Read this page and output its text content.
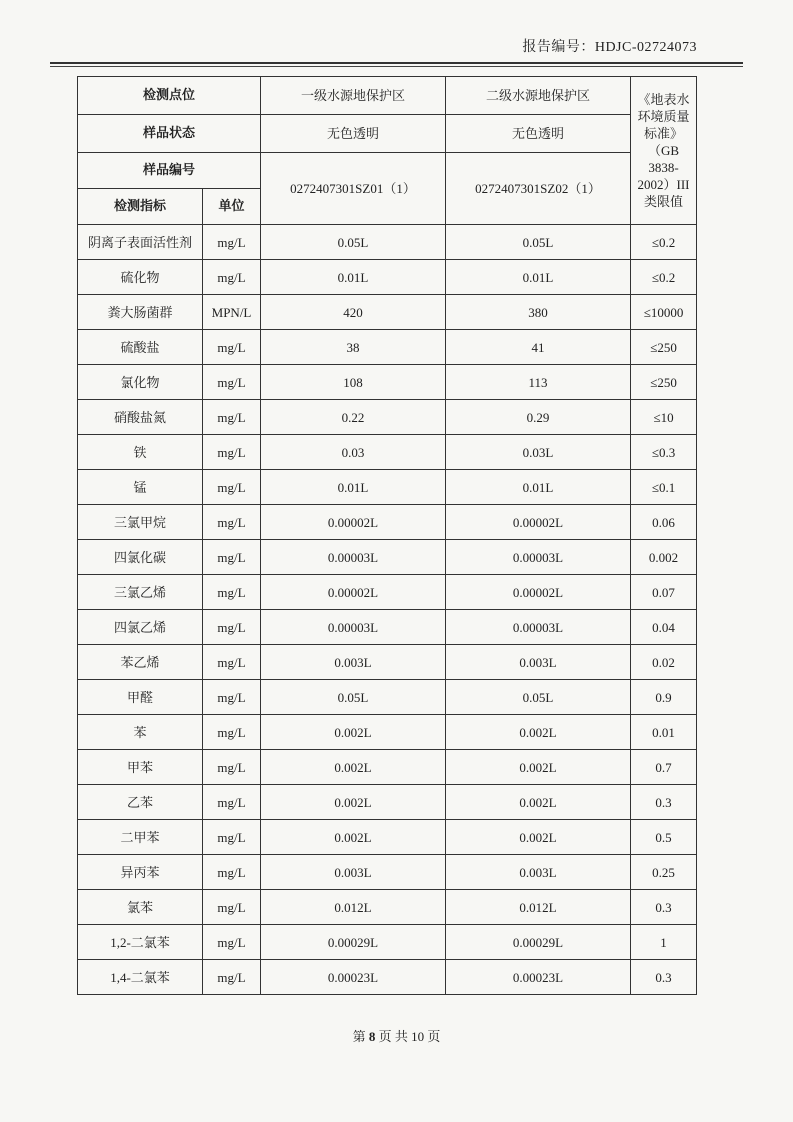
报告编号：HDJC-02724073
检测点位		一级水源地保护区	二级水源地保护区	《地表水环境质量标准》（GB 3838-2002）III类限值
样品状态		无色透明	无色透明	
样品编号		0272407301SZ01（1）	0272407301SZ02（1）	
检测指标	单位			
阴离子表面活性剂	mg/L	0.05L	0.05L	≤0.2
硫化物	mg/L	0.01L	0.01L	≤0.2
粪大肠菌群	MPN/L	420	380	≤10000
硫酸盐	mg/L	38	41	≤250
氯化物	mg/L	108	113	≤250
硝酸盐氮	mg/L	0.22	0.29	≤10
铁	mg/L	0.03	0.03L	≤0.3
锰	mg/L	0.01L	0.01L	≤0.1
三氯甲烷	mg/L	0.00002L	0.00002L	0.06
四氯化碳	mg/L	0.00003L	0.00003L	0.002
三氯乙烯	mg/L	0.00002L	0.00002L	0.07
四氯乙烯	mg/L	0.00003L	0.00003L	0.04
苯乙烯	mg/L	0.003L	0.003L	0.02
甲醛	mg/L	0.05L	0.05L	0.9
苯	mg/L	0.002L	0.002L	0.01
甲苯	mg/L	0.002L	0.002L	0.7
乙苯	mg/L	0.002L	0.002L	0.3
二甲苯	mg/L	0.002L	0.002L	0.5
异丙苯	mg/L	0.003L	0.003L	0.25
氯苯	mg/L	0.012L	0.012L	0.3
1,2-二氯苯	mg/L	0.00029L	0.00029L	1
1,4-二氯苯	mg/L	0.00023L	0.00023L	0.3
第 8 页 共 10 页
